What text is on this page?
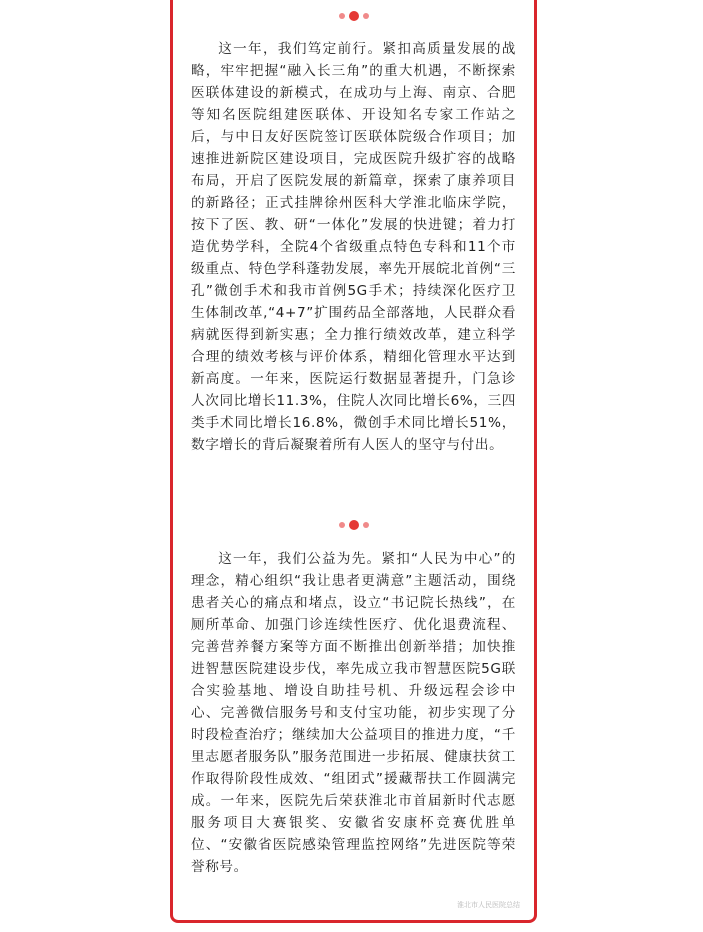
这一年，我们笃定前行。紧扣高质量发展的战略，牢牢把握“融入长三角”的重大机遇，不断探索医联体建设的新模式，在成功与上海、南京、合肥等知名医院组建医联体、开设知名专家工作站之后，与中日友好医院签订医联体院级合作项目；加速推进新院区建设项目，完成医院升级扩容的战略布局，开启了医院发展的新篇章，探索了康养项目的新路径；正式挂牌徐州医科大学淮北临床学院，按下了医、教、研“一体化”发展的快进键；着力打造优势学科，全院4个省级重点特色专科和11个市级重点、特色学科蓬勃发展，率先开展皖北首例“三孔”微创手术和我市首例5G手术；持续深化医疗卫生体制改革,“4+7”扩围药品全部落地，人民群众看病就医得到新实惠；全力推行绩效改革，建立科学合理的绩效考核与评价体系，精细化管理水平达到新高度。一年来，医院运行数据显著提升，门急诊人次同比增长11.3%，住院人次同比增长6%，三四类手术同比增长16.8%，微创手术同比增长51%，数字增长的背后凝聚着所有人医人的坚守与付出。

这一年，我们公益为先。紧扣“人民为中心”的理念，精心组织“我让患者更满意”主题活动，围绕患者关心的痛点和堵点，设立“书记院长热线”，在厕所革命、加强门诊连续性医疗、优化退费流程、完善营养餐方案等方面不断推出创新举措；加快推进智慧医院建设步伐，率先成立我市智慧医院5G联合实验基地、增设自助挂号机、升级远程会诊中心、完善微信服务号和支付宝功能，初步实现了分时段检查治疗；继续加大公益项目的推进力度，“千里志愿者服务队”服务范围进一步拓展、健康扶贫工作取得阶段性成效、“组团式”援藏帮扶工作圆满完成。一年来，医院先后荣获淮北市首届新时代志愿服务项目大赛银奖、安徽省安康杯竞赛优胜单位、“安徽省医院感染管理监控网络”先进医院等荣誉称号。

淮北市人民医院总结
